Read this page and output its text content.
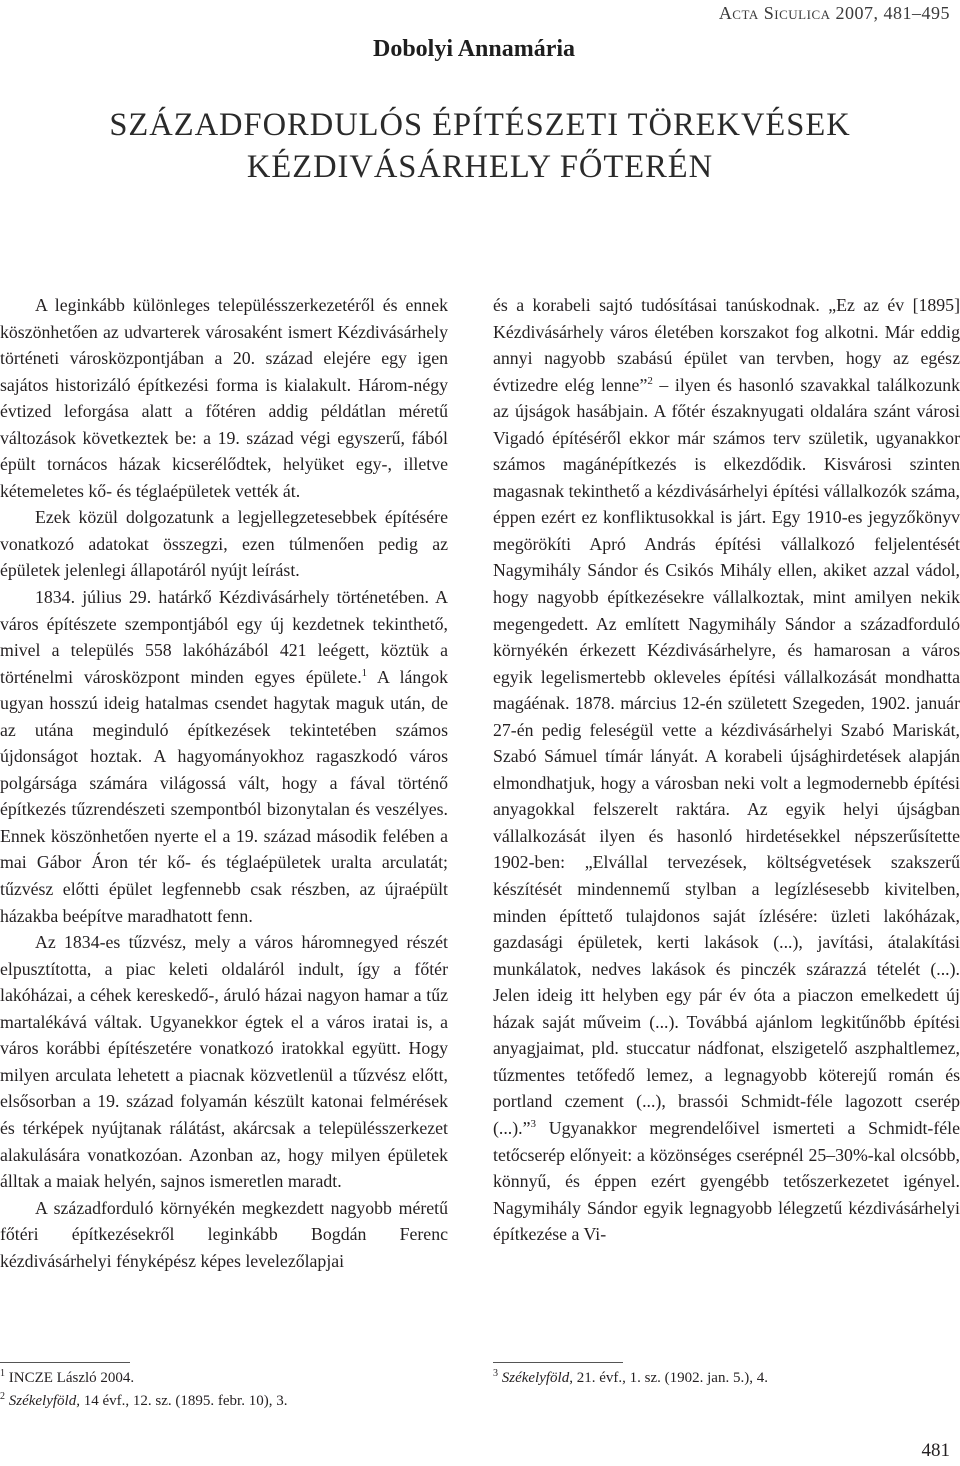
Acta Siculica 2007, 481–495
Dobolyi Annamária
SZÁZADFORDULÓS ÉPÍTÉSZETI TÖREKVÉSEK
KÉZDIVÁSÁRHELY FŐTERÉN

A leginkább különleges településszerkezetéről és ennek köszönhetően az udvarterek városaként ismert Kézdivásárhely történeti városközpontjában a 20. század elejére egy igen sajátos historizáló építkezési forma is kialakult. Három-négy évtized leforgása alatt a főtéren addig példátlan méretű változások következtek be: a 19. század végi egyszerű, fából épült tornácos házak kicserélődtek, helyüket egy-, illetve kétemeletes kő- és téglaépületek vették át.

Ezek közül dolgozatunk a legjellegzetesebbek építésére vonatkozó adatokat összegzi, ezen túlmenően pedig az épületek jelenlegi állapotáról nyújt leírást.

1834. július 29. határkő Kézdivásárhely történetében. A város építészete szempontjából egy új kezdetnek tekinthető, mivel a település 558 lakóházából 421 leégett, köztük a történelmi városközpont minden egyes épülete.$^1$ A lángok ugyan hosszú ideig hatalmas csendet hagytak maguk után, de az utána meginduló építkezések tekintetében számos újdonságot hoztak. A hagyományokhoz ragaszkodó város polgársága számára világossá vált, hogy a fával történő építkezés tűzrendészeti szempontból bizonytalan és veszélyes. Ennek köszönhetően nyerte el a 19. század második felében a mai Gábor Áron tér kő- és téglaépületek uralta arculatát; tűzvész előtti épület legfennebb csak részben, az újraépült házakba beépítve maradhatott fenn.

Az 1834-es tűzvész, mely a város háromnegyed részét elpusztította, a piac keleti oldaláról indult, így a főtér lakóházai, a céhek kereskedő-, áruló házai nagyon hamar a tűz martalékává váltak. Ugyanekkor égtek el a város iratai is, a város korábbi építészetére vonatkozó iratokkal együtt. Hogy milyen arculata lehetett a piacnak közvetlenül a tűzvész előtt, elsősorban a 19. század folyamán készült katonai felmérések és térképek nyújtanak rálátást, akárcsak a településszerkezet alakulására vonatkozóan. Azonban az, hogy milyen épületek álltak a maiak helyén, sajnos ismeretlen maradt.

A századforduló környékén megkezdett nagyobb méretű főtéri építkezésekről leginkább Bogdán Ferenc kézdivásárhelyi fényképész képes levelezőlapjai

és a korabeli sajtó tudósításai tanúskodnak. „Ez az év [1895] Kézdivásárhely város életében korszakot fog alkotni. Már eddig annyi nagyobb szabású épület van tervben, hogy az egész évtizedre elég lenne”$^2$ – ilyen és hasonló szavakkal találkozunk az újságok hasábjain. A főtér északnyugati oldalára szánt városi Vigadó építéséről ekkor már számos terv születik, ugyanakkor számos magánépítkezés is elkezdődik. Kisvárosi szinten magasnak tekinthető a kézdivásárhelyi építési vállalkozók száma, éppen ezért ez konfliktusokkal is járt. Egy 1910-es jegyzőkönyv megörökíti Apró András építési vállalkozó feljelentését Nagymihály Sándor és Csikós Mihály ellen, akiket azzal vádol, hogy nagyobb építkezésekre vállalkoztak, mint amilyen nekik megengedett. Az említett Nagymihály Sándor a századforduló környékén érkezett Kézdivásárhelyre, és hamarosan a város egyik legelismertebb okleveles építési vállalkozását mondhatta magáénak. 1878. március 12-én született Szegeden, 1902. január 27-én pedig feleségül vette a kézdivásárhelyi Szabó Mariskát, Szabó Sámuel tímár lányát. A korabeli újsághirdetések alapján elmondhatjuk, hogy a városban neki volt a legmodernebb építési anyagokkal felszerelt raktára. Az egyik helyi újságban vállalkozását ilyen és hasonló hirdetésekkel népszerűsítette 1902-ben: „Elvállal tervezések, költségvetések szakszerű készítését mindennemű stylban a legízlésesebb kivitelben, minden építtető tulajdonos saját ízlésére: üzleti lakóházak, gazdasági épületek, kerti lakások (...), javítási, átalakítási munkálatok, nedves lakások és pinczék szárazzá tételét (...). Jelen ideig itt helyben egy pár év óta a piaczon emelkedett új házak saját műveim (...). Továbbá ajánlom legkitűnőbb építési anyagjaimat, pld. stuccatur nádfonat, elszigetelő aszphaltlemez, tűzmentes tetőfedő lemez, a legnagyobb köterejű román és portland czement (...), brassói Schmidt-féle lagozott cserép (...).”$^3$ Ugyanakkor megrendelőivel ismerteti a Schmidt-féle tetőcserép előnyeit: a közönséges cserépnél 25–30%-kal olcsóbb, könnyű, és éppen ezért gyengébb tetőszerkezetet igényel. Nagymihály Sándor egyik legnagyobb lélegzetű kézdivásárhelyi építkezése a Vi-

$^1$ INCZE László 2004.
$^2$ Székelyföld, 14 évf., 12. sz. (1895. febr. 10), 3.
$^3$ Székelyföld, 21. évf., 1. sz. (1902. jan. 5.), 4.
481
